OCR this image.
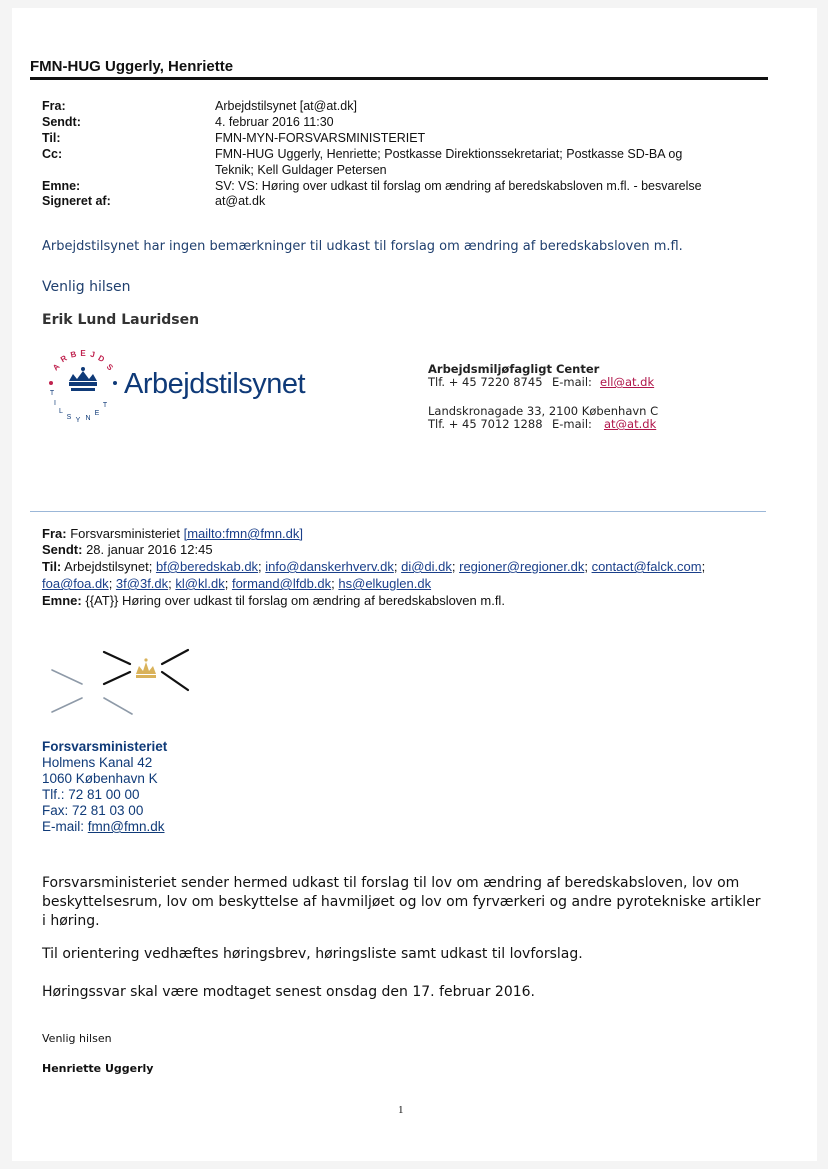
FMN-HUG Uggerly, Henriette
Fra:	Arbejdstilsynet [at@at.dk]
Sendt:	4. februar 2016 11:30
Til:	FMN-MYN-FORSVARSMINISTERIET
Cc:	FMN-HUG Uggerly, Henriette; Postkasse Direktionssekretariat; Postkasse SD-BA og
Teknik; Kell Guldager Petersen
Emne:	SV: VS: Høring over udkast til forslag om ændring af beredskabsloven m.fl. - besvarelse
Signeret af:	at@at.dk
Arbejdstilsynet har ingen bemærkninger til udkast til forslag om ændring af beredskabsloven m.fl.
Venlig hilsen
Erik Lund Lauridsen
A
R B E J D
S
T
I
L
S Y N
E
T
Arbejdstilsynet	Arbejdsmiljøfagligt Center
Tlf. + 45 7220 8745 E-mail: ell@at.dk
Landskronagade 33, 2100 København C
Tlf. + 45 7012 1288 E-mail: at@at.dk
Fra: Forsvarsministeriet [mailto:fmn@fmn.dk]
Sendt: 28. januar 2016 12:45
Til: Arbejdstilsynet; bf@beredskab.dk; info@danskerhverv.dk; di@di.dk; regioner@regioner.dk; contact@falck.com;
foa@foa.dk; 3f@3f.dk; kl@kl.dk; formand@lfdb.dk; hs@elkuglen.dk
Emne: {{AT}} Høring over udkast til forslag om ændring af beredskabsloven m.fl.
Forsvarsministeriet
Holmens Kanal 42
1060 København K
Tlf.: 72 81 00 00
Fax: 72 81 03 00
E-mail: fmn@fmn.dk
Forsvarsministeriet sender hermed udkast til forslag til lov om ændring af beredskabsloven, lov om beskyttelsesrum, lov om beskyttelse af havmiljøet og lov om fyrværkeri og andre pyrotekniske artikler i høring.
Til orientering vedhæftes høringsbrev, høringsliste samt udkast til lovforslag.
Høringssvar skal være modtaget senest onsdag den 17. februar 2016.
Venlig hilsen
Henriette Uggerly
1
